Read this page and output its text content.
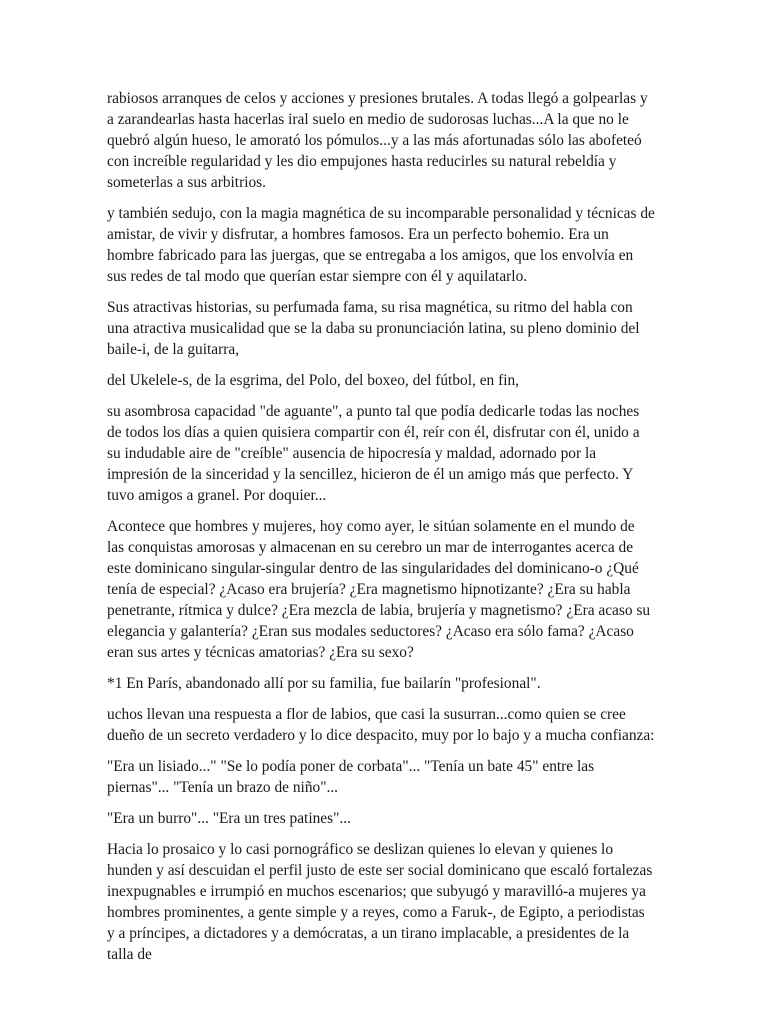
rabiosos arranques de celos y acciones y presiones brutales. A todas llegó a golpearlas y a zarandearlas hasta hacerlas iral suelo en medio de sudorosas luchas...A la que no le quebró algún hueso, le amorató los pómulos...y a las más afortunadas sólo las abofeteó con increíble regularidad y les dio empujones hasta reducirles su natural rebeldía y someterlas a sus arbitrios.

y también sedujo, con la magia magnética de su incomparable personalidad y técnicas de amistar, de vivir y disfrutar, a hombres famosos. Era un perfecto bohemio. Era un hombre fabricado para las juergas, que se entregaba a los amigos, que los envolvía en sus redes de tal modo que querían estar siempre con él y aquilatarlo.

Sus atractivas historias, su perfumada fama, su risa magnética, su ritmo del habla con una atractiva musicalidad que se la daba su pronunciación latina, su pleno dominio del baile-i, de la guitarra,

del Ukelele-s, de la esgrima, del Polo, del boxeo, del fútbol, en fin,

su asombrosa capacidad "de aguante", a punto tal que podía dedicarle todas las noches de todos los días a quien quisiera compartir con él, reír con él, disfrutar con él, unido a su indudable aire de "creíble" ausencia de hipocresía y maldad, adornado por la impresión de la sinceridad y la sencillez, hicieron de él un amigo más que perfecto. Y tuvo amigos a granel. Por doquier...

Acontece que hombres y mujeres, hoy como ayer, le sitúan solamente en el mundo de las conquistas amorosas y almacenan en su cerebro un mar de interrogantes acerca de este dominicano singular-singular dentro de las singularidades del dominicano-o ¿Qué tenía de especial? ¿Acaso era brujería? ¿Era magnetismo hipnotizante? ¿Era su habla penetrante, rítmica y dulce? ¿Era mezcla de labia, brujería y magnetismo? ¿Era acaso su elegancia y galantería? ¿Eran sus modales seductores? ¿Acaso era sólo fama? ¿Acaso eran sus artes y técnicas amatorias? ¿Era su sexo?

*1 En París, abandonado allí por su familia, fue bailarín "profesional".

uchos llevan una respuesta a flor de labios, que casi la susurran...como quien se cree dueño de un secreto verdadero y lo dice despacito, muy por lo bajo y a mucha confianza:

"Era un lisiado..." "Se lo podía poner de corbata"... "Tenía un bate 45" entre las piernas"... "Tenía un brazo de niño"...

"Era un burro"... "Era un tres patines"...

Hacia lo prosaico y lo casi pornográfico se deslizan quienes lo elevan y quienes lo hunden y así descuidan el perfil justo de este ser social dominicano que escaló fortalezas inexpugnables e irrumpió en muchos escenarios; que subyugó y maravilló-a mujeres ya hombres prominentes, a gente simple y a reyes, como a Faruk-, de Egipto, a periodistas y a príncipes, a dictadores y a demócratas, a un tirano implacable, a presidentes de la talla de
